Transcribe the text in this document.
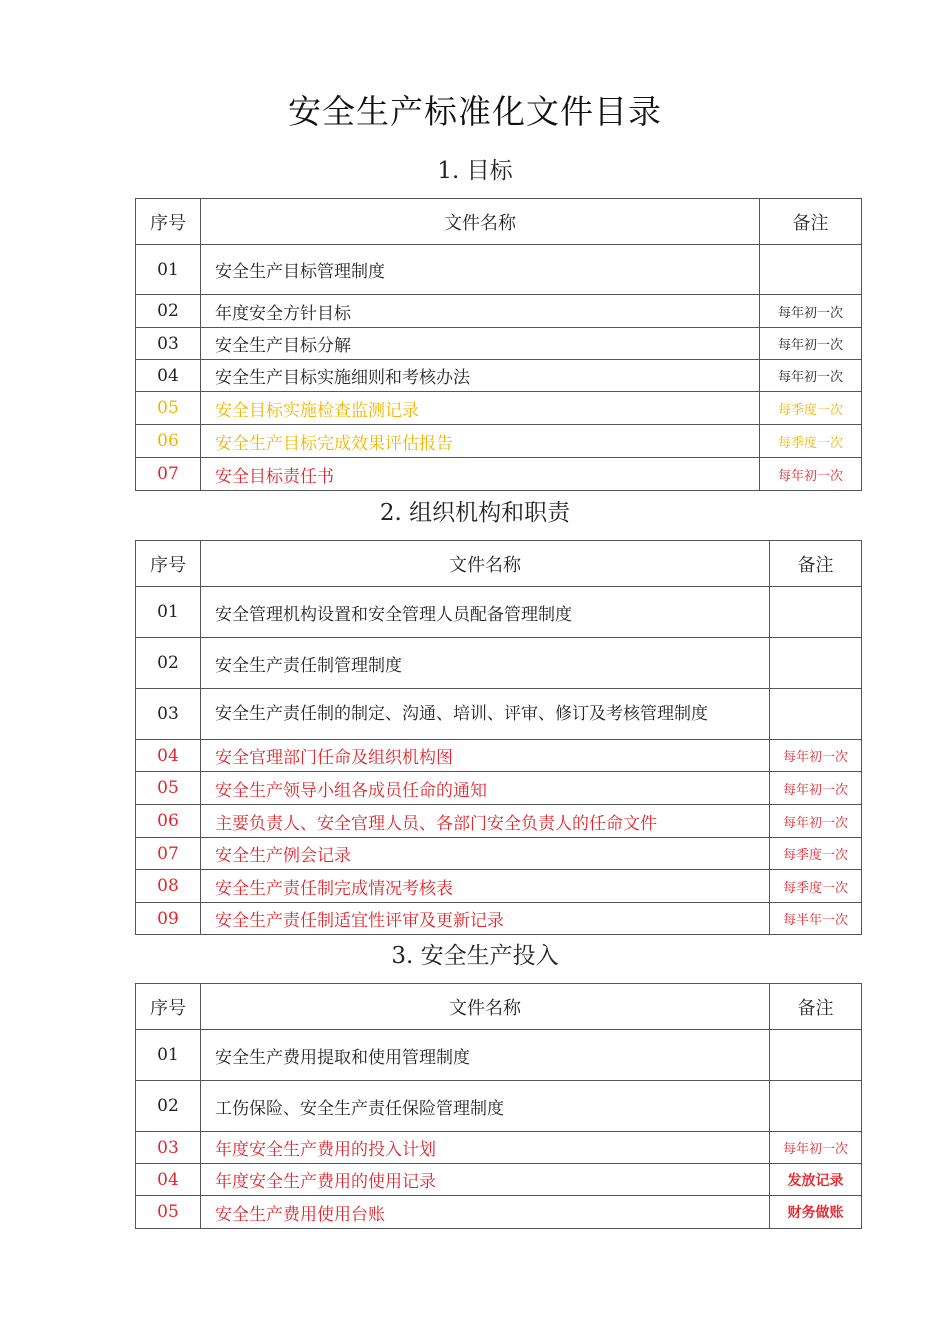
安全生产标准化文件目录
1. 目标
序号	文件名称	备注
01	安全生产目标管理制度	
02	年度安全方针目标	每年初一次
03	安全生产目标分解	每年初一次
04	安全生产目标实施细则和考核办法	每年初一次
05	安全目标实施检查监测记录	每季度一次
06	安全生产目标完成效果评估报告	每季度一次
07	安全目标责任书	每年初一次
2. 组织机构和职责
序号	文件名称	备注
01	安全管理机构设置和安全管理人员配备管理制度	
02	安全生产责任制管理制度	
03	安全生产责任制的制定、沟通、培训、评审、修订及考核管理制度	
04	安全官理部门任命及组织机构图	每年初一次
05	安全生产领导小组各成员任命的通知	每年初一次
06	主要负责人、安全官理人员、各部门安全负责人的任命文件	每年初一次
07	安全生产例会记录	每季度一次
08	安全生产责任制完成情况考核表	每季度一次
09	安全生产责任制适宜性评审及更新记录	每半年一次
3. 安全生产投入
序号	文件名称	备注
01	安全生产费用提取和使用管理制度	
02	工伤保险、安全生产责任保险管理制度	
03	年度安全生产费用的投入计划	每年初一次
04	年度安全生产费用的使用记录	发放记录
05	安全生产费用使用台账	财务做账
